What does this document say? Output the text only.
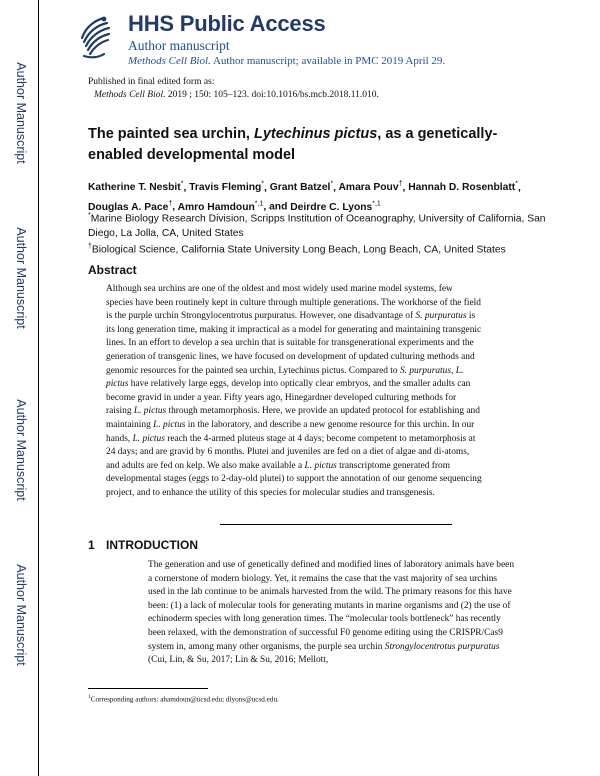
Author Manuscript
Author Manuscript
Author Manuscript
Author Manuscript
HHS Public Access
Author manuscript
Methods Cell Biol. Author manuscript; available in PMC 2019 April 29.
Published in final edited form as:
Methods Cell Biol. 2019 ; 150: 105–123. doi:10.1016/bs.mcb.2018.11.010.
The painted sea urchin, Lytechinus pictus, as a genetically-enabled developmental model
Katherine T. Nesbit*, Travis Fleming*, Grant Batzel*, Amara Pouv†, Hannah D. Rosenblatt*, Douglas A. Pace†, Amro Hamdoun$^{*,1}$, and Deirdre C. Lyons$^{*,1}$
*Marine Biology Research Division, Scripps Institution of Oceanography, University of California, San Diego, La Jolla, CA, United States
†Biological Science, California State University Long Beach, Long Beach, CA, United States
Abstract

Although sea urchins are one of the oldest and most widely used marine model systems, few species have been routinely kept in culture through multiple generations. The workhorse of the field is the purple urchin Strongylocentrotus purpuratus. However, one disadvantage of S. purpuratus is its long generation time, making it impractical as a model for generating and maintaining transgenic lines. In an effort to develop a sea urchin that is suitable for transgenerational experiments and the generation of transgenic lines, we have focused on development of updated culturing methods and genomic resources for the painted sea urchin, Lytechinus pictus. Compared to S. purpuratus, L. pictus have relatively large eggs, develop into optically clear embryos, and the smaller adults can become gravid in under a year. Fifty years ago, Hinegardner developed culturing methods for raising L. pictus through metamorphosis. Here, we provide an updated protocol for establishing and maintaining L. pictus in the laboratory, and describe a new genome resource for this urchin. In our hands, L. pictus reach the 4-armed pluteus stage at 4 days; become competent to metamorphosis at 24 days; and are gravid by 6 months. Plutei and juveniles are fed on a diet of algae and di-atoms, and adults are fed on kelp. We also make available a L. pictus transcriptome generated from developmental stages (eggs to 2-day-old plutei) to support the annotation of our genome sequencing project, and to enhance the utility of this species for molecular studies and transgenesis.

1 INTRODUCTION

The generation and use of genetically defined and modified lines of laboratory animals have been a cornerstone of modern biology. Yet, it remains the case that the vast majority of sea urchins used in the lab continue to be animals harvested from the wild. The primary reasons for this have been: (1) a lack of molecular tools for generating mutants in marine organisms and (2) the use of echinoderm species with long generation times. The “molecular tools bottleneck” has recently been relaxed, with the demonstration of successful F0 genome editing using the CRISPR/Cas9 system in, among many other organisms, the purple sea urchin Strongylocentrotus purpuratus (Cui, Lin, & Su, 2017; Lin & Su, 2016; Mellott,

$^1$Corresponding authors: ahamdoun@ucsd.edu; dlyons@ucsd.edu.
